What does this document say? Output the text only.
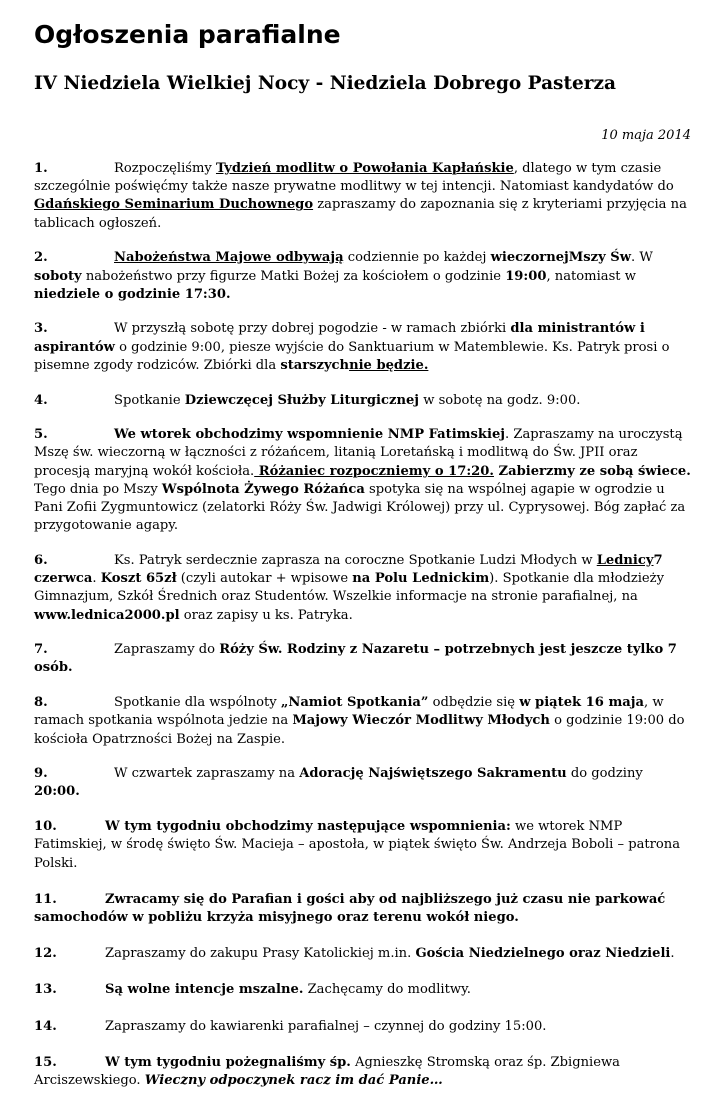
Ogłoszenia parafialne
IV Niedziela Wielkiej Nocy - Niedziela Dobrego Pasterza
10 maja 2014

1.	Rozpoczęliśmy Tydzień modlitw o Powołania Kapłańskie, dlatego w tym czasie szczególnie poświęćmy także nasze prywatne modlitwy w tej intencji. Natomiast kandydatów do Gdańskiego Seminarium Duchownego zapraszamy do zapoznania się z kryteriami przyjęcia na tablicach ogłoszeń.

2.	Nabożeństwa Majowe odbywają codziennie po każdej wieczornejMszy Św. W soboty nabożeństwo przy figurze Matki Bożej za kościołem o godzinie 19:00, natomiast w niedziele o godzinie 17:30.

3.	W przyszłą sobotę przy dobrej pogodzie - w ramach zbiórki dla ministrantów i aspirantów o godzinie 9:00, piesze wyjście do Sanktuarium w Matemblewie. Ks. Patryk prosi o pisemne zgody rodziców. Zbiórki dla starszychnie będzie.

4.	Spotkanie Dziewczęcej Służby Liturgicznej w sobotę na godz. 9:00.

5.	We wtorek obchodzimy wspomnienie NMP Fatimskiej. Zapraszamy na uroczystą Mszę św. wieczorną w łączności z różańcem, litanią Loretańską i modlitwą do Św. JPII oraz procesją maryjną wokół kościoła. Różaniec rozpoczniemy o 17:20. Zabierzmy ze sobą świece. Tego dnia po Mszy Wspólnota Żywego Różańca spotyka się na wspólnej agapie w ogrodzie u Pani Zofii Zygmuntowicz (zelatorki Róży Św. Jadwigi Królowej) przy ul. Cyprysowej. Bóg zapłać za przygotowanie agapy.

6.	Ks. Patryk serdecznie zaprasza na coroczne Spotkanie Ludzi Młodych w Lednicy7 czerwca. Koszt 65zł (czyli autokar + wpisowe na Polu Lednickim). Spotkanie dla młodzieży Gimnazjum, Szkół Średnich oraz Studentów. Wszelkie informacje na stronie parafialnej, na www.lednica2000.pl oraz zapisy u ks. Patryka.

7.	Zapraszamy do Róży Św. Rodziny z Nazaretu – potrzebnych jest jeszcze tylko 7 osób.

8.	Spotkanie dla wspólnoty „Namiot Spotkania” odbędzie się w piątek 16 maja, w ramach spotkania wspólnota jedzie na Majowy Wieczór Modlitwy Młodych o godzinie 19:00 do kościoła Opatrzności Bożej na Zaspie.

9.	W czwartek zapraszamy na Adorację Najświętszego Sakramentu do godziny 20:00.

10.	W tym tygodniu obchodzimy następujące wspomnienia: we wtorek NMP Fatimskiej, w środę święto Św. Macieja – apostoła, w piątek święto Św. Andrzeja Boboli – patrona Polski.

11.	Zwracamy się do Parafian i gości aby od najbliższego już czasu nie parkować samochodów w pobliżu krzyża misyjnego oraz terenu wokół niego.

12.	Zapraszamy do zakupu Prasy Katolickiej m.in. Gościa Niedzielnego oraz Niedzieli.

13.	Są wolne intencje mszalne. Zachęcamy do modlitwy.

14.	Zapraszamy do kawiarenki parafialnej – czynnej do godziny 15:00.

15.	W tym tygodniu pożegnaliśmy śp. Agnieszkę Stromską oraz śp. Zbigniewa Arciszewskiego. Wieczny odpoczynek racz im dać Panie…
